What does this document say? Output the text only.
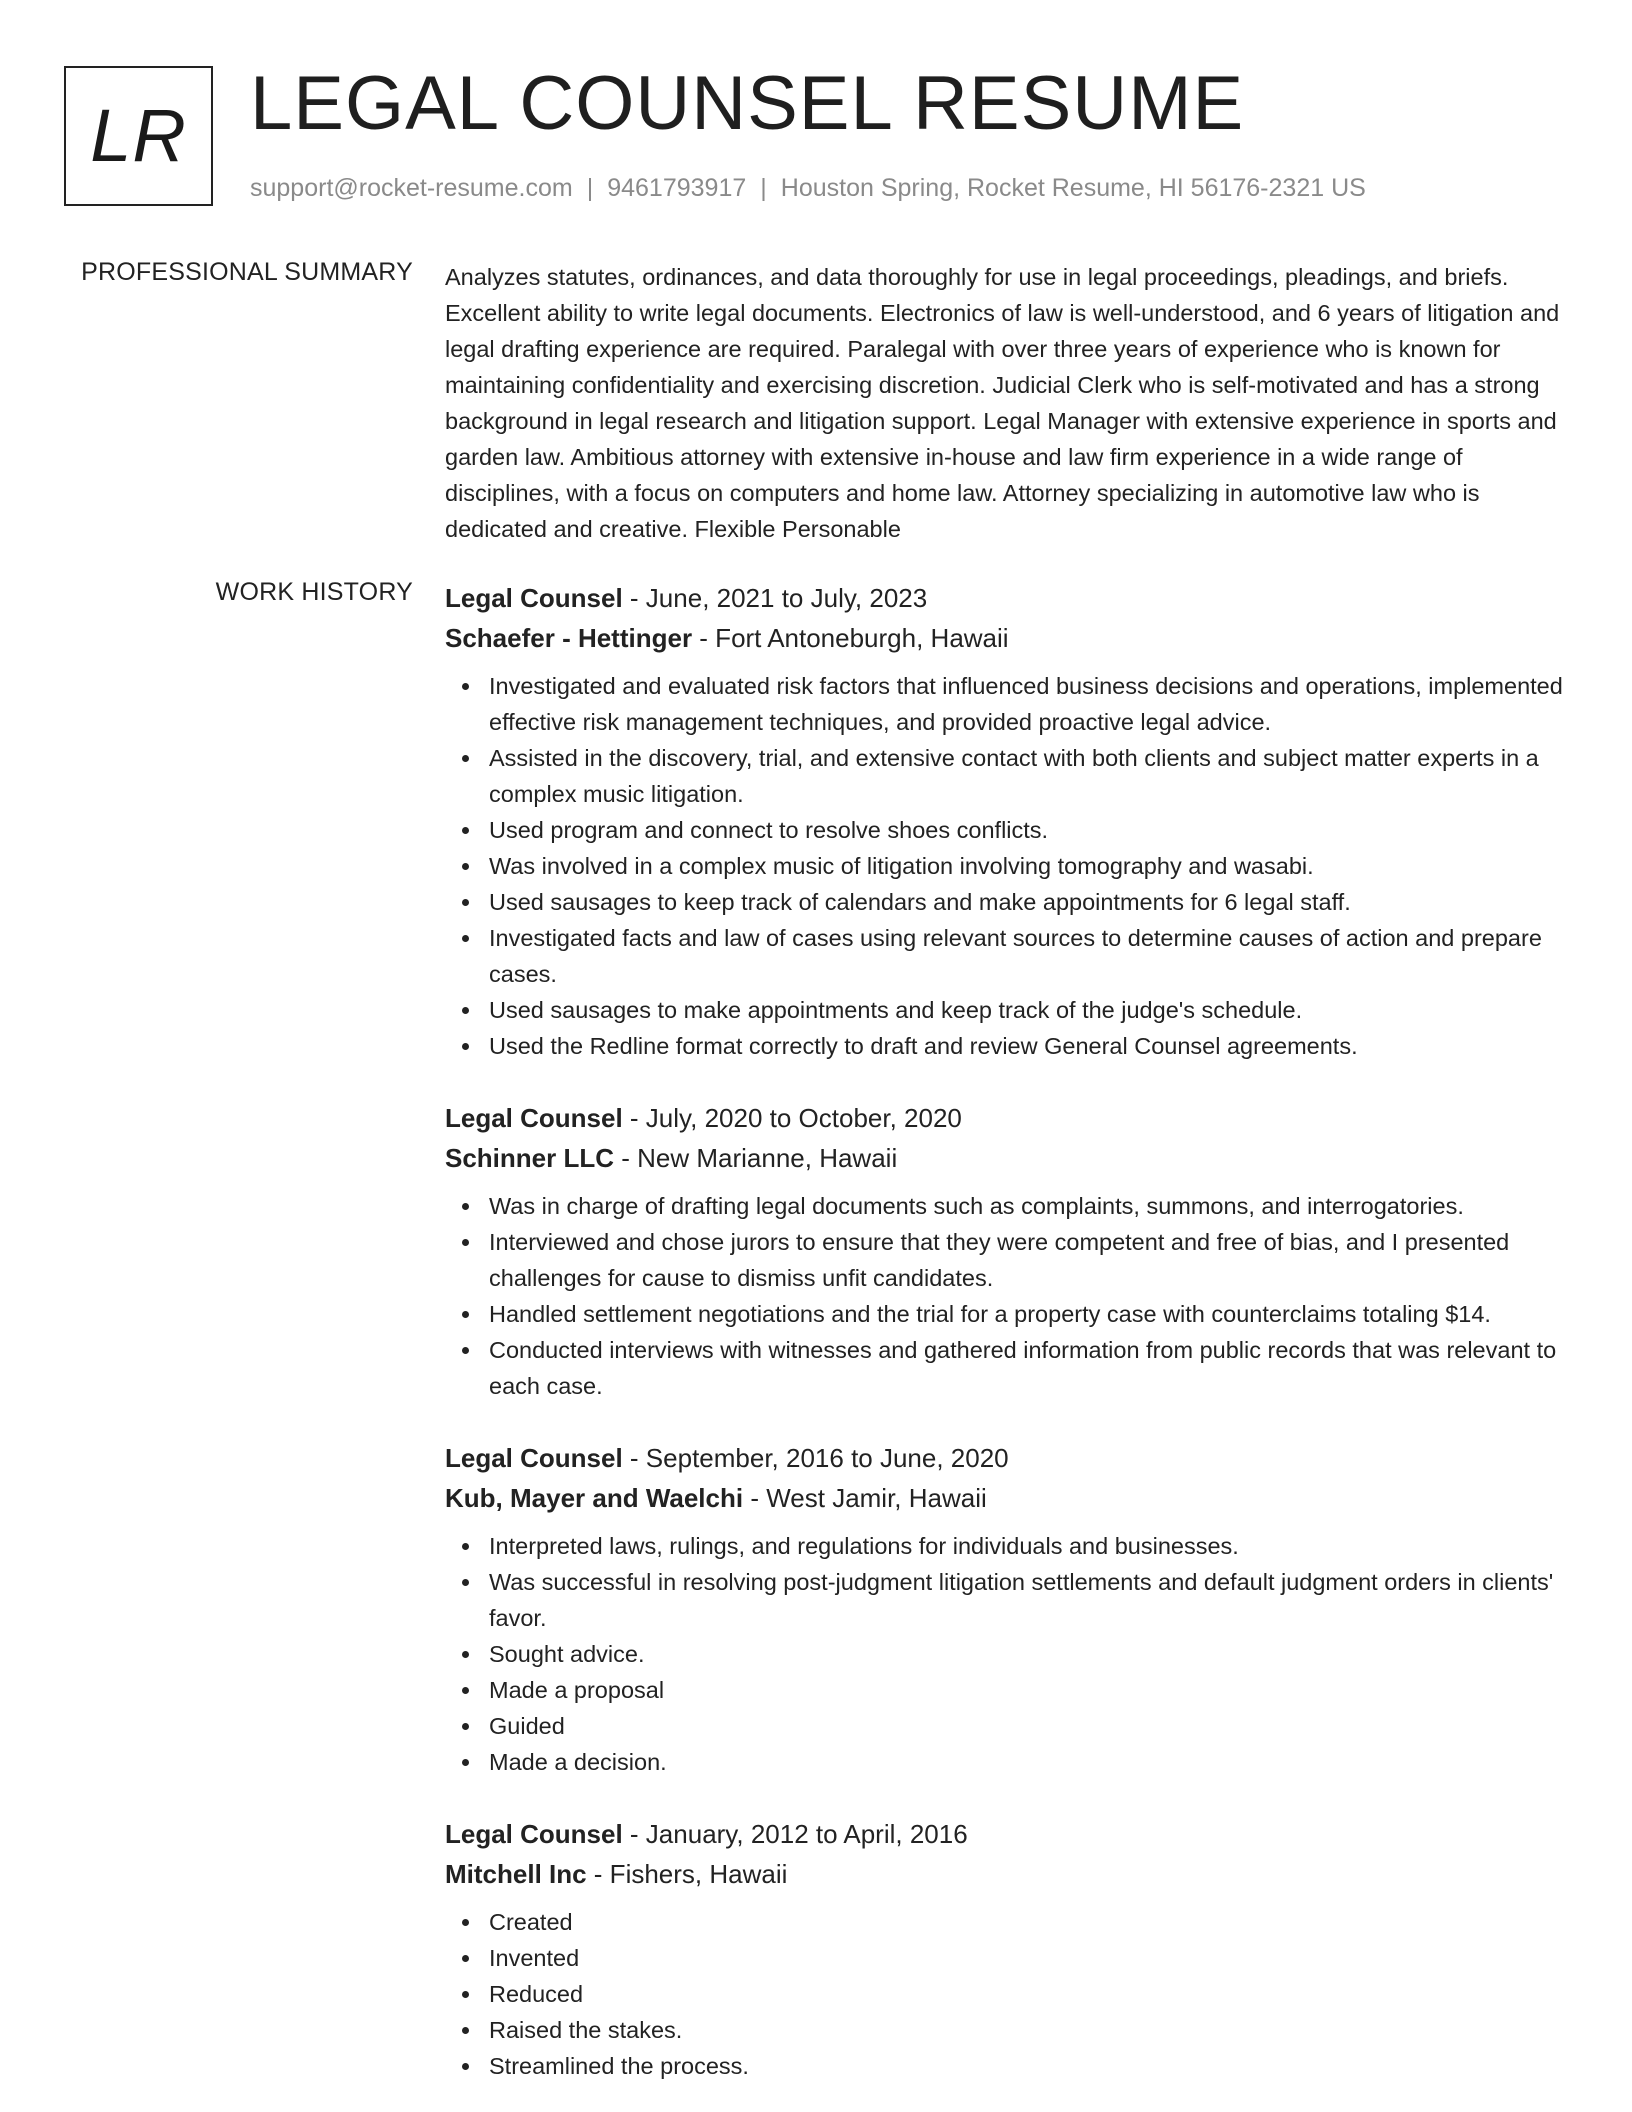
LR LEGAL COUNSEL RESUME
support@rocket-resume.com | 9461793917 | Houston Spring, Rocket Resume, HI 56176-2321 US
PROFESSIONAL SUMMARY Analyzes statutes, ordinances, and data thoroughly for use in legal proceedings, pleadings, and briefs. Excellent ability to write legal documents. Electronics of law is well-understood, and 6 years of litigation and legal drafting experience are required. Paralegal with over three years of experience who is known for maintaining confidentiality and exercising discretion. Judicial Clerk who is self-motivated and has a strong background in legal research and litigation support. Legal Manager with extensive experience in sports and garden law. Ambitious attorney with extensive in-house and law firm experience in a wide range of disciplines, with a focus on computers and home law. Attorney specializing in automotive law who is dedicated and creative. Flexible Personable

WORK HISTORY Legal Counsel - June, 2021 to July, 2023
Schaefer - Hettinger - Fort Antoneburgh, Hawaii
Investigated and evaluated risk factors that influenced business decisions and operations, implemented effective risk management techniques, and provided proactive legal advice.
Assisted in the discovery, trial, and extensive contact with both clients and subject matter experts in a complex music litigation.
Used program and connect to resolve shoes conflicts.
Was involved in a complex music of litigation involving tomography and wasabi.
Used sausages to keep track of calendars and make appointments for 6 legal staff.
Investigated facts and law of cases using relevant sources to determine causes of action and prepare cases.
Used sausages to make appointments and keep track of the judge's schedule.
Used the Redline format correctly to draft and review General Counsel agreements.
Legal Counsel - July, 2020 to October, 2020
Schinner LLC - New Marianne, Hawaii
Was in charge of drafting legal documents such as complaints, summons, and interrogatories.
Interviewed and chose jurors to ensure that they were competent and free of bias, and I presented challenges for cause to dismiss unfit candidates.
Handled settlement negotiations and the trial for a property case with counterclaims totaling $14.
Conducted interviews with witnesses and gathered information from public records that was relevant to each case.
Legal Counsel - September, 2016 to June, 2020
Kub, Mayer and Waelchi - West Jamir, Hawaii
Interpreted laws, rulings, and regulations for individuals and businesses.
Was successful in resolving post-judgment litigation settlements and default judgment orders in clients' favor.
Sought advice.
Made a proposal
Guided
Made a decision.
Legal Counsel - January, 2012 to April, 2016
Mitchell Inc - Fishers, Hawaii
Created
Invented
Reduced
Raised the stakes.
Streamlined the process.
